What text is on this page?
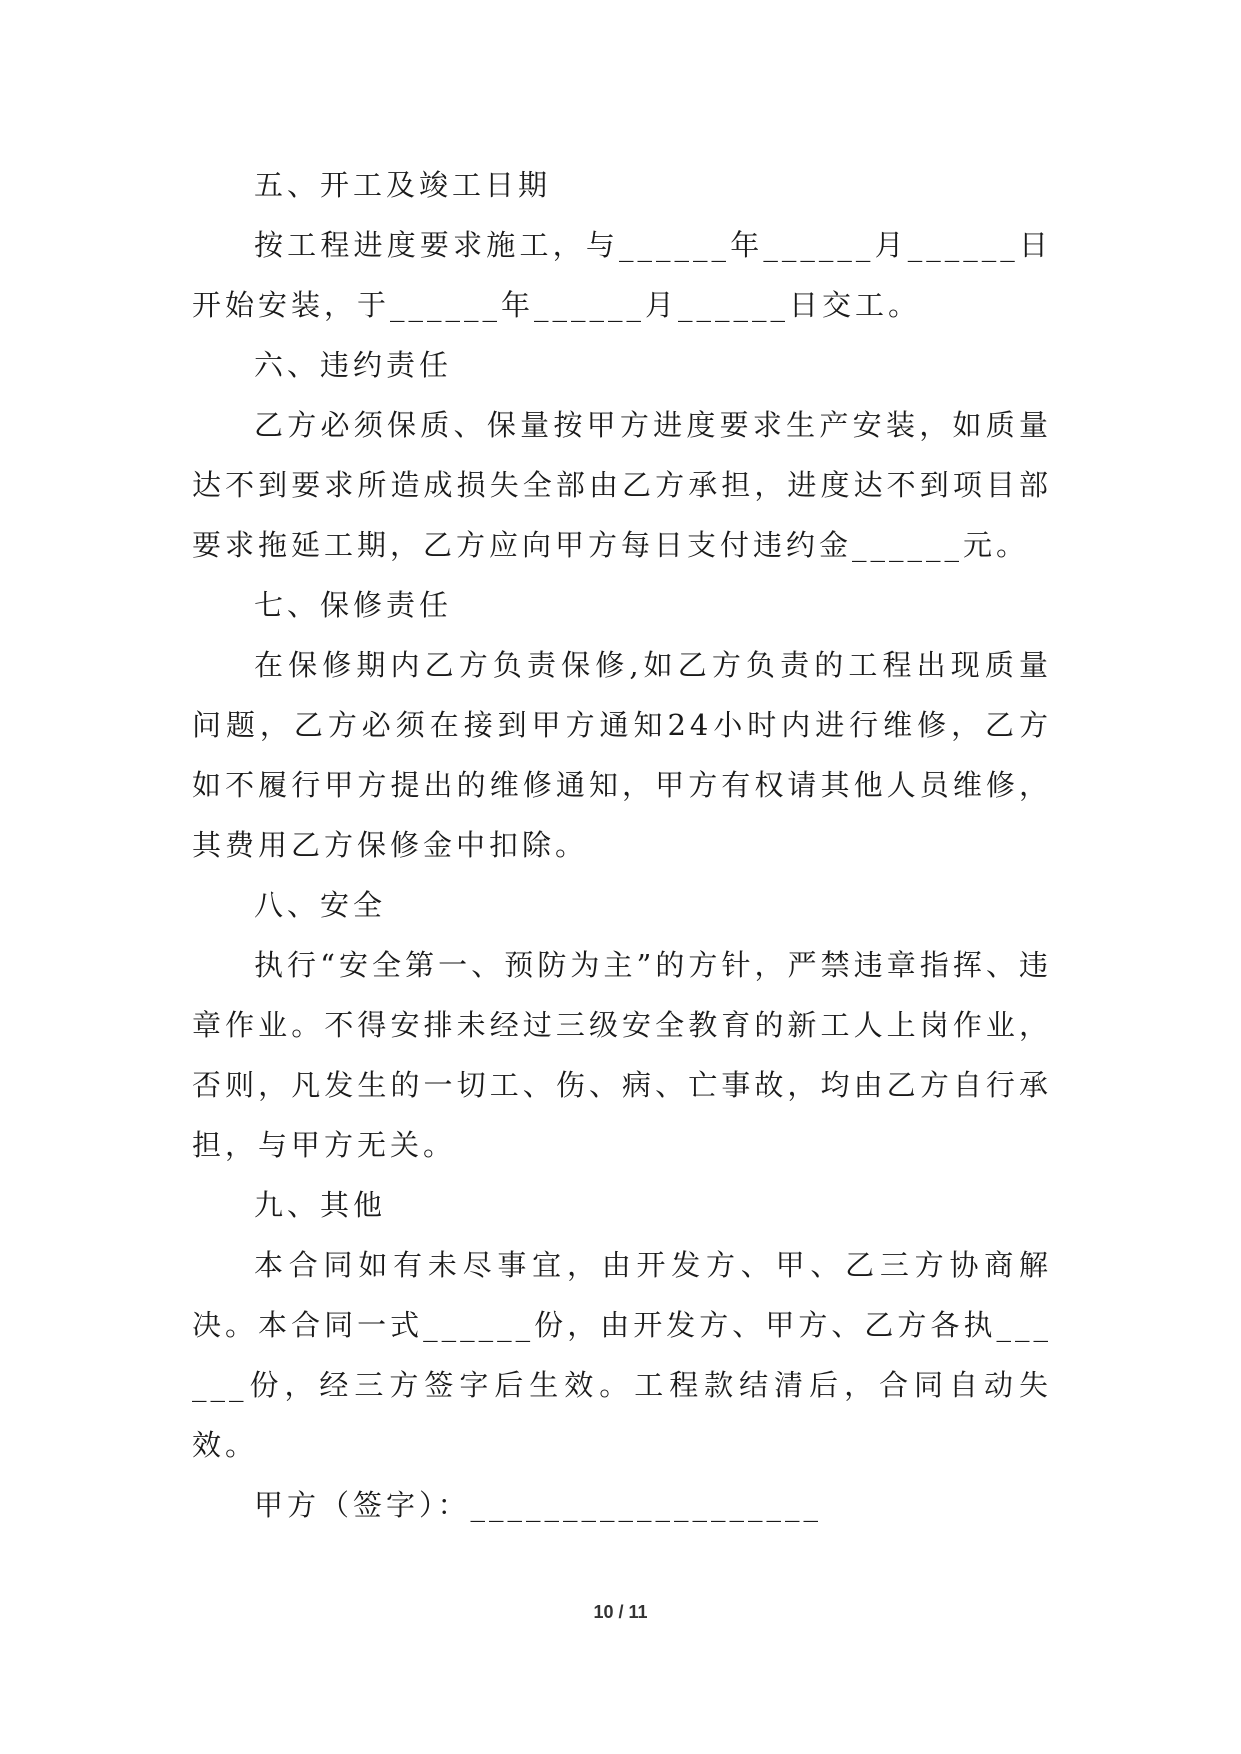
五、开工及竣工日期

按工程进度要求施工，与______年______月______日开始安装，于______年______月______日交工。

六、违约责任

乙方必须保质、保量按甲方进度要求生产安装，如质量达不到要求所造成损失全部由乙方承担，进度达不到项目部要求拖延工期，乙方应向甲方每日支付违约金______元。

七、保修责任

在保修期内乙方负责保修,如乙方负责的工程出现质量问题，乙方必须在接到甲方通知24小时内进行维修，乙方如不履行甲方提出的维修通知，甲方有权请其他人员维修，其费用乙方保修金中扣除。

八、安全

执行“安全第一、预防为主”的方针，严禁违章指挥、违章作业。不得安排未经过三级安全教育的新工人上岗作业，否则，凡发生的一切工、伤、病、亡事故，均由乙方自行承担，与甲方无关。

九、其他

本合同如有未尽事宜，由开发方、甲、乙三方协商解决。本合同一式______份，由开发方、甲方、乙方各执______份，经三方签字后生效。工程款结清后，合同自动失效。

甲方（签字）：___________________

10 / 11
